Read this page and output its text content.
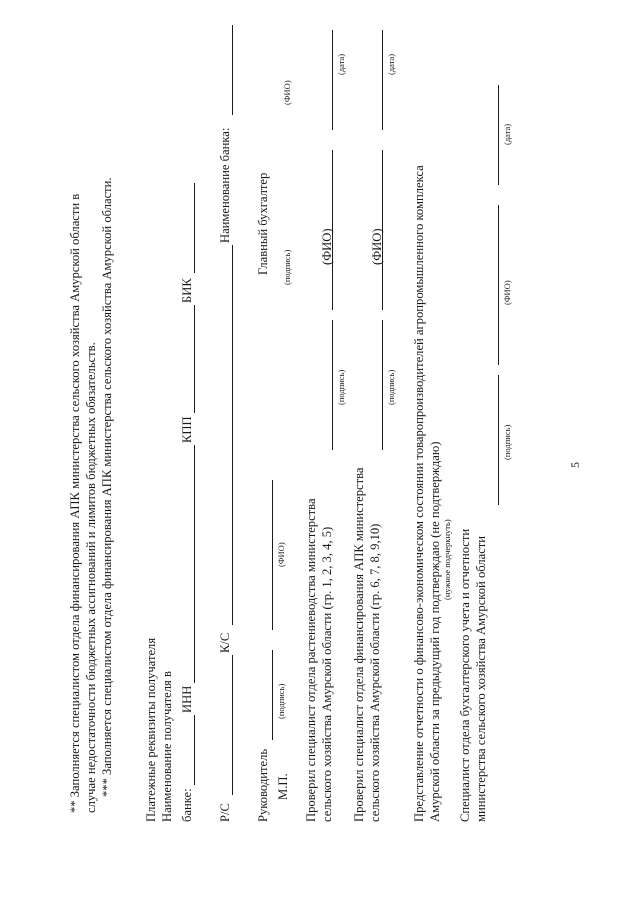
5
** Заполняется специалистом отдела финансирования АПК министерства сельского хозяйства Амурской области в случае недостаточности бюджетных ассигнований и лимитов бюджетных обязательств. *** Заполняется специалистом отдела финансирования АПК министерства сельского хозяйства Амурской области. Платежные реквизиты получателя Наименование получателя в банке:
ИНН
КПП
БИК
Р/С
К/С
Наименование банка:
Руководитель
Главный бухгалтер
М.П.
(подпись)
(ФИО)
(подпись)
(ФИО)
Проверил специалист отдела растениеводства министерства сельского хозяйства Амурской области (гр. 1, 2, 3, 4, 5)
(подпись)
(ФИО)
(дата)
Проверил специалист отдела финансирования АПК министерства сельского хозяйства Амурской области (гр. 6, 7, 8, 9,10)
(подпись)
(ФИО)
(дата)
Представление отчетности о финансово-экономическом состоянии товаропроизводителей агропромышленного комплекса Амурской области за предыдущий год подтверждаю (не подтверждаю) (нужное подчеркнуть) Специалист отдела бухгалтерского учета и отчетности министерства сельского хозяйства Амурской области
(подпись)
(ФИО)
(дата)
